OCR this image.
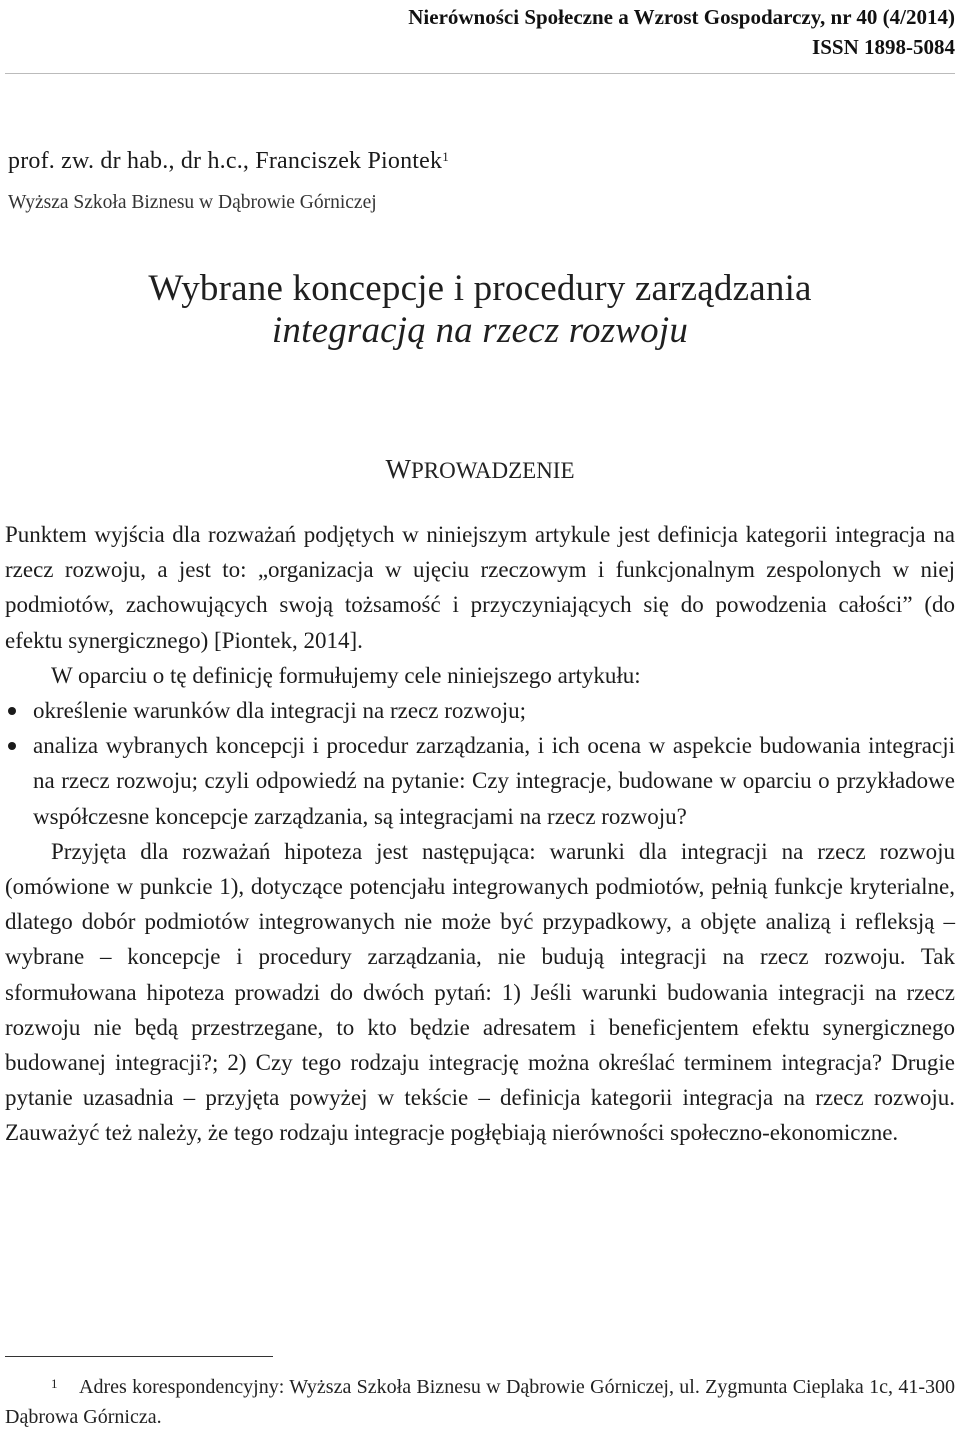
Nierówności Społeczne a Wzrost Gospodarczy, nr 40 (4/2014)
ISSN 1898-5084
prof. zw. dr hab., dr h.c., Franciszek Piontek$^1$
Wyższa Szkoła Biznesu w Dąbrowie Górniczej
Wybrane koncepcje i procedury zarządzania
integracją na rzecz rozwoju
WPROWADZENIE

Punktem wyjścia dla rozważań podjętych w niniejszym artykule jest definicja kategorii integracja na rzecz rozwoju, a jest to: „organizacja w ujęciu rzeczowym i funkcjonalnym zespolonych w niej podmiotów, zachowujących swoją tożsamość i przyczyniających się do powodzenia całości” (do efektu synergicznego) [Piontek, 2014].

W oparciu o tę definicję formułujemy cele niniejszego artykułu:

określenie warunków dla integracji na rzecz rozwoju;
analiza wybranych koncepcji i procedur zarządzania, i ich ocena w aspekcie budowania integracji na rzecz rozwoju; czyli odpowiedź na pytanie: Czy integracje, budowane w oparciu o przykładowe współczesne koncepcje zarządzania, są integracjami na rzecz rozwoju?

Przyjęta dla rozważań hipoteza jest następująca: warunki dla integracji na rzecz rozwoju (omówione w punkcie 1), dotyczące potencjału integrowanych podmiotów, pełnią funkcje kryterialne, dlatego dobór podmiotów integrowanych nie może być przypadkowy, a objęte analizą i refleksją – wybrane – koncepcje i procedury zarządzania, nie budują integracji na rzecz rozwoju. Tak sformułowana hipoteza prowadzi do dwóch pytań: 1) Jeśli warunki budowania integracji na rzecz rozwoju nie będą przestrzegane, to kto będzie adresatem i beneficjentem efektu synergicznego budowanej integracji?; 2) Czy tego rodzaju integrację można określać terminem integracja? Drugie pytanie uzasadnia – przyjęta powyżej w tekście – definicja kategorii integracja na rzecz rozwoju. Zauważyć też należy, że tego rodzaju integracje pogłębiają nierówności społeczno-ekonomiczne.

1 Adres korespondencyjny: Wyższa Szkoła Biznesu w Dąbrowie Górniczej, ul. Zygmunta Cieplaka 1c, 41-300 Dąbrowa Górnicza.
